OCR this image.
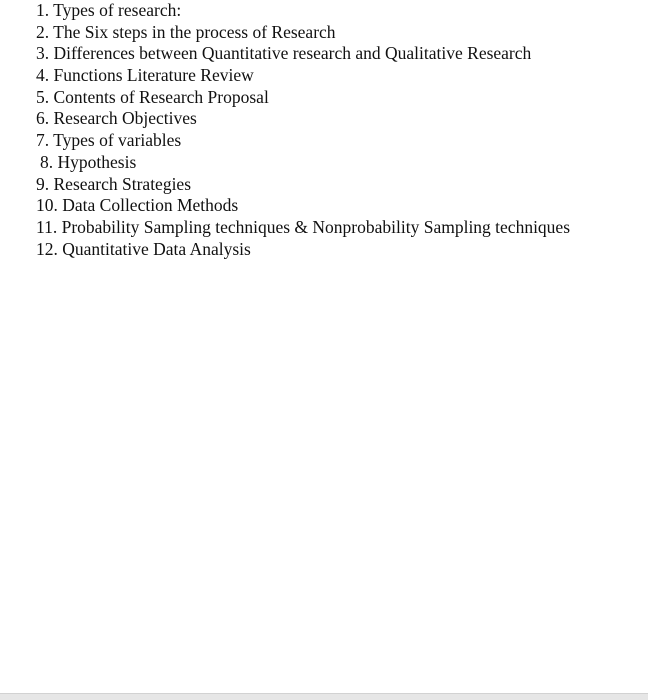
1. Types of research:
2. The Six steps in the process of Research
3. Differences between Quantitative research and Qualitative Research
4. Functions Literature Review
5. Contents of Research Proposal
6. Research Objectives
7. Types of variables
8. Hypothesis
9. Research Strategies
10. Data Collection Methods
11. Probability Sampling techniques & Nonprobability Sampling techniques
12. Quantitative Data Analysis
